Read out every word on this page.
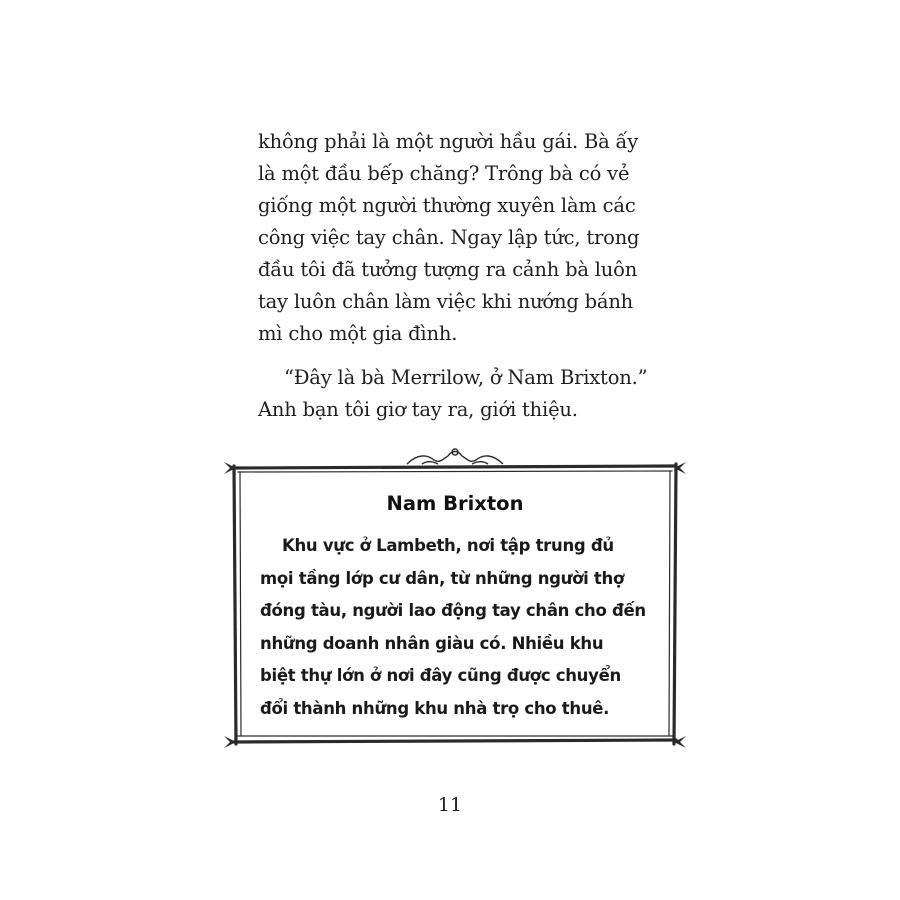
không phải là một người hầu gái. Bà ấy
là một đầu bếp chăng? Trông bà có vẻ
giống một người thường xuyên làm các
công việc tay chân. Ngay lập tức, trong
đầu tôi đã tưởng tượng ra cảnh bà luôn
tay luôn chân làm việc khi nướng bánh
mì cho một gia đình.
“Đây là bà Merrilow, ở Nam Brixton.”
Anh bạn tôi giơ tay ra, giới thiệu.
Nam Brixton
Khu vực ở Lambeth, nơi tập trung đủ
mọi tầng lớp cư dân, từ những người thợ
đóng tàu, người lao động tay chân cho đến
những doanh nhân giàu có. Nhiều khu
biệt thự lớn ở nơi đây cũng được chuyển
đổi thành những khu nhà trọ cho thuê.
11
